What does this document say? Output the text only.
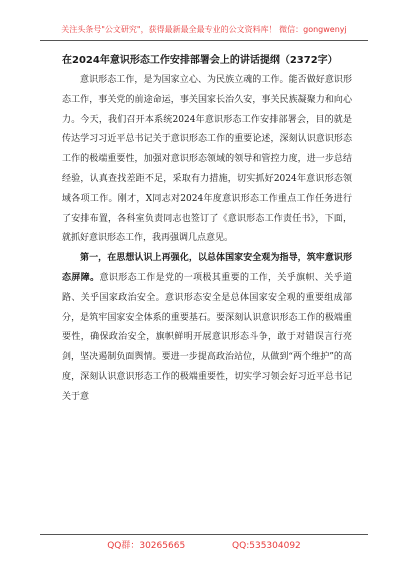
关注头条号"公文研究"，获得最新最全最专业的公文资料库！ 微信：gongwenyj

在2024年意识形态工作安排部署会上的讲话提纲（2372字）

意识形态工作，是为国家立心、为民族立魂的工作。能否做好意识形态工作，事关党的前途命运，事关国家长治久安，事关民族凝聚力和向心力。今天，我们召开本系统2024年意识形态工作安排部署会，目的就是传达学习习近平总书记关于意识形态工作的重要论述，深刻认识意识形态工作的极端重要性，加强对意识形态领域的领导和管控力度，进一步总结经验，认真查找差距不足，采取有力措施，切实抓好2024年意识形态领域各项工作。刚才，X同志对2024年度意识形态工作重点工作任务进行了安排布置，各科室负责同志也签订了《意识形态工作责任书》，下面，就抓好意识形态工作，我再强调几点意见。

第一，在思想认识上再强化，以总体国家安全观为指导，筑牢意识形态屏障。意识形态工作是党的一项极其重要的工作，关乎旗帜、关乎道路、关乎国家政治安全。意识形态安全是总体国家安全观的重要组成部分，是筑牢国家安全体系的重要基石。要深刻认识意识形态工作的极端重要性，确保政治安全，旗帜鲜明开展意识形态斗争，敢于对错误言行亮剑，坚决遏制负面舆情。要进一步提高政治站位，从做到“两个维护”的高度，深刻认识意识形态工作的极端重要性，切实学习领会好习近平总书记关于意

QQ群：30265665	QQ:535304092
